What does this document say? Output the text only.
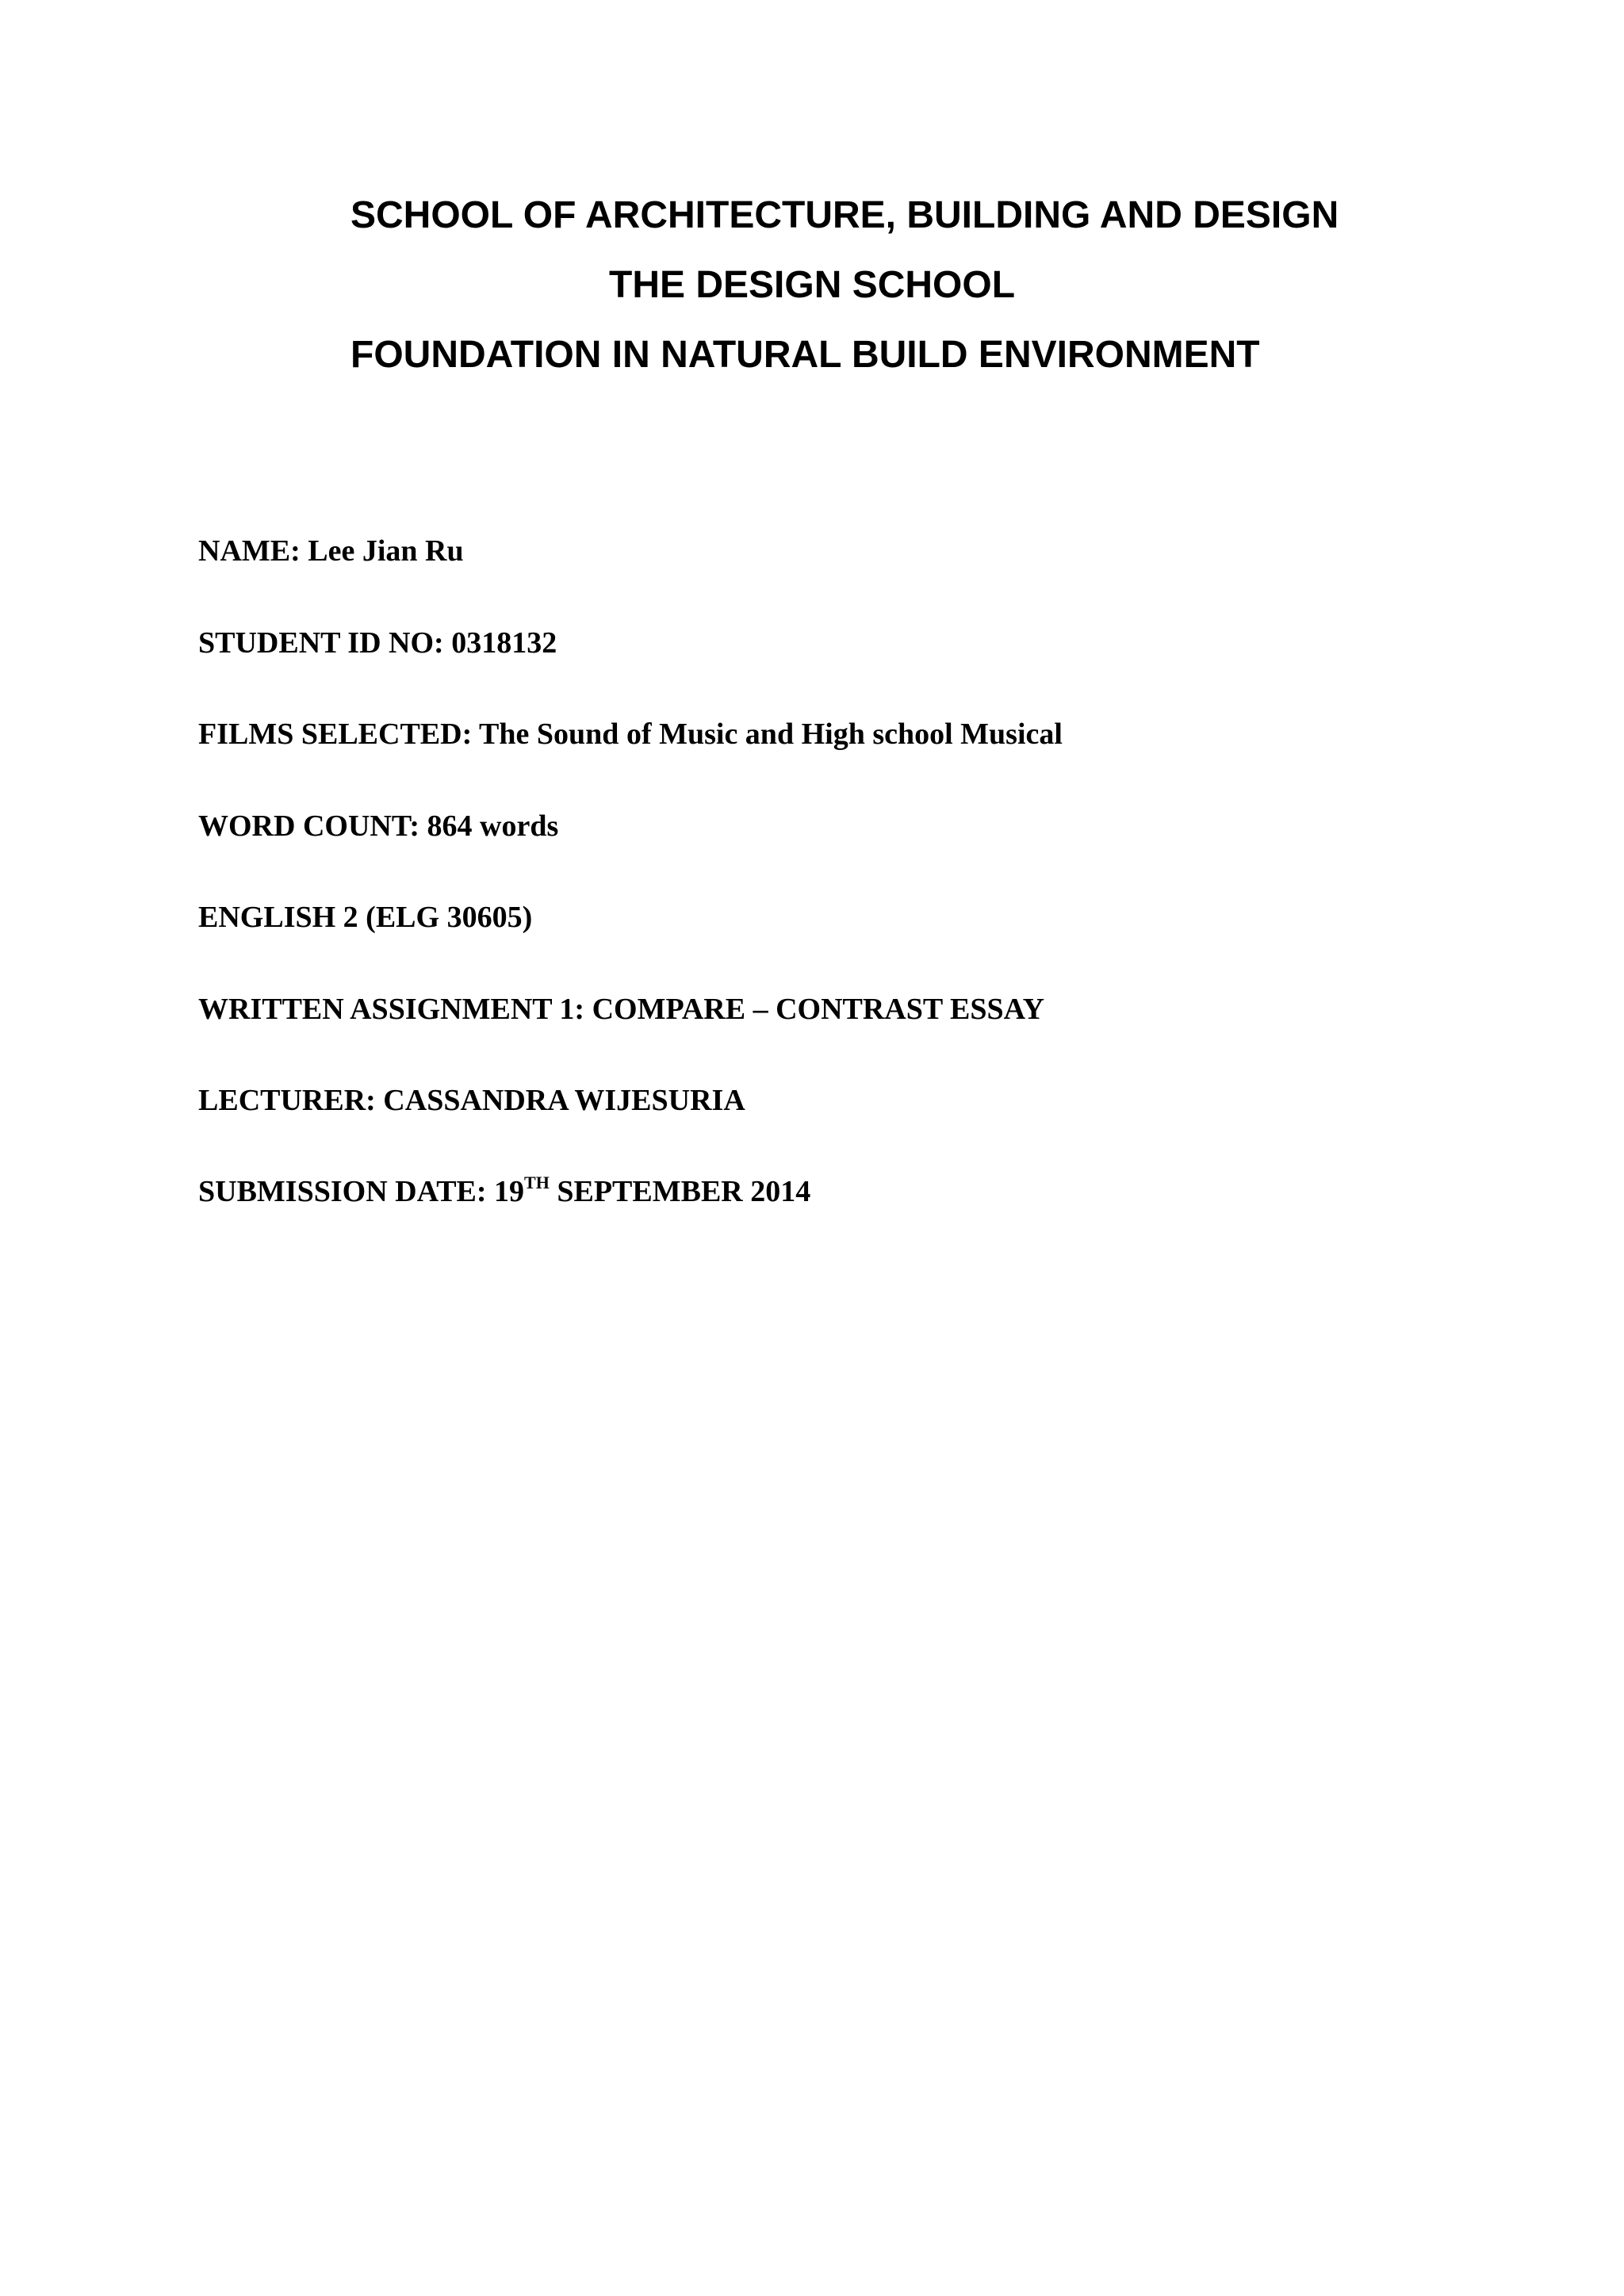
SCHOOL OF ARCHITECTURE, BUILDING AND DESIGN

THE DESIGN SCHOOL

FOUNDATION IN NATURAL BUILD ENVIRONMENT

NAME: Lee Jian Ru

STUDENT ID NO: 0318132

FILMS SELECTED: The Sound of Music and High school Musical

WORD COUNT: 864 words

ENGLISH 2 (ELG 30605)

WRITTEN ASSIGNMENT 1: COMPARE – CONTRAST ESSAY

LECTURER: CASSANDRA WIJESURIA

SUBMISSION DATE: 19TH SEPTEMBER 2014
